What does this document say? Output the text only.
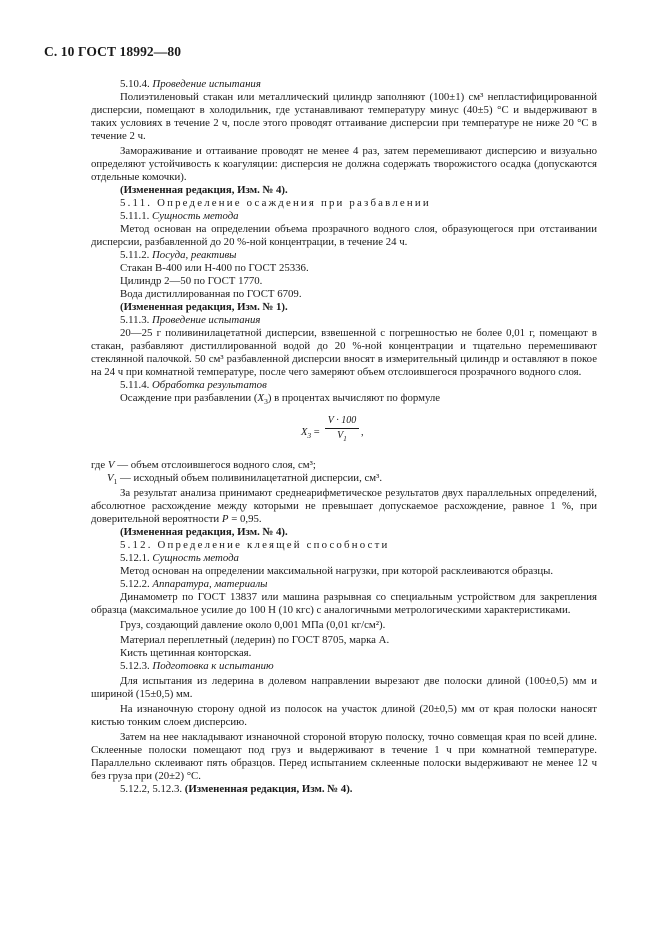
С. 10 ГОСТ 18992—80

5.10.4. Проведение испытания

Полиэтиленовый стакан или металлический цилиндр заполняют (100±1) см³ непластифицированной дисперсии, помещают в холодильник, где устанавливают температуру минус (40±5) °С и выдерживают в таких условиях в течение 2 ч, после этого проводят оттаивание дисперсии при температуре не ниже 20 °С в течение 2 ч.

Замораживание и оттаивание проводят не менее 4 раз, затем перемешивают дисперсию и визуально определяют устойчивость к коагуляции: дисперсия не должна содержать творожистого осадка (допускаются отдельные комочки).

(Измененная редакция, Изм. № 4).

5.11. Определение осаждения при разбавлении

5.11.1. Сущность метода

Метод основан на определении объема прозрачного водного слоя, образующегося при отстаивании дисперсии, разбавленной до 20 %-ной концентрации, в течение 24 ч.

5.11.2. Посуда, реактивы

Стакан В-400 или Н-400 по ГОСТ 25336.

Цилиндр 2—50 по ГОСТ 1770.

Вода дистиллированная по ГОСТ 6709.

(Измененная редакция, Изм. № 1).

5.11.3. Проведение испытания

20—25 г поливинилацетатной дисперсии, взвешенной с погрешностью не более 0,01 г, помещают в стакан, разбавляют дистиллированной водой до 20 %-ной концентрации и тщательно перемешивают стеклянной палочкой. 50 см³ разбавленной дисперсии вносят в измерительный цилиндр и оставляют в покое на 24 ч при комнатной температуре, после чего замеряют объем отслоившегося прозрачного водного слоя.

5.11.4. Обработка результатов

Осаждение при разбавлении $(X_3)$ в процентах вычисляют по формуле

$X_3$ =
V · 100
$V_1$
,

где V — объем отслоившегося водного слоя, см³;

$V_1$ — исходный объем поливинилацетатной дисперсии, см³.

За результат анализа принимают среднеарифметическое результатов двух параллельных определений, абсолютное расхождение между которыми не превышает допускаемое расхождение, равное 1 %, при доверительной вероятности Р = 0,95.

(Измененная редакция, Изм. № 4).

5.12. Определение клеящей способности

5.12.1. Сущность метода

Метод основан на определении максимальной нагрузки, при которой расклеиваются образцы.

5.12.2. Аппаратура, материалы

Динамометр по ГОСТ 13837 или машина разрывная со специальным устройством для закрепления образца (максимальное усилие до 100 Н (10 кгс) с аналогичными метрологическими характеристиками.

Груз, создающий давление около 0,001 МПа (0,01 кг/см²).

Материал переплетный (ледерин) по ГОСТ 8705, марка А.

Кисть щетинная конторская.

5.12.3. Подготовка к испытанию

Для испытания из ледерина в долевом направлении вырезают две полоски длиной (100±0,5) мм и шириной (15±0,5) мм.

На изнаночную сторону одной из полосок на участок длиной (20±0,5) мм от края полоски наносят кистью тонким слоем дисперсию.

Затем на нее накладывают изнаночной стороной вторую полоску, точно совмещая края по всей длине. Склеенные полоски помещают под груз и выдерживают в течение 1 ч при комнатной температуре. Параллельно склеивают пять образцов. Перед испытанием склеенные полоски выдерживают не менее 12 ч без груза при (20±2) °С.

5.12.2, 5.12.3. (Измененная редакция, Изм. № 4).
